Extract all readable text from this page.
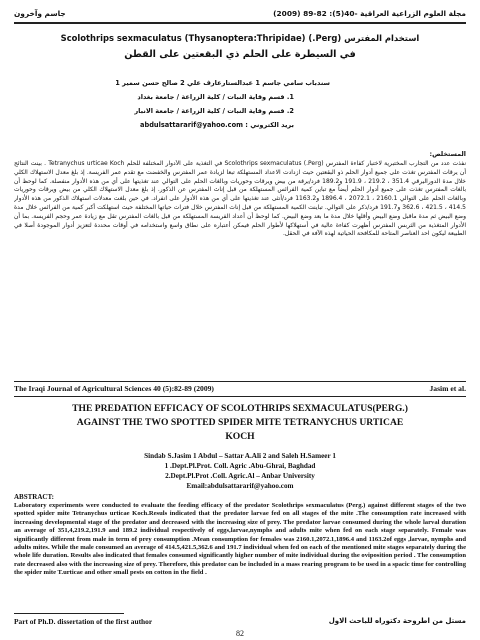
مجلة العلوم الزراعية العراقية -40(5): 82-89 (2009)
جاسم وآخرون
استخدام المفترس (Perg.) Scolothrips sexmaculatus (Thysanoptera:Thripidae)
في السيطرة على الحلم ذي البقعتين على القطن
سندباب سامي جاسم 1 عبدالستارعارف علي 2 صالح حسن سمير 1
1. قسم وقاية النبات / كلية الزراعة / جامعة بغداد
2. قسم وقاية النبات / كلية الزراعة / جامعة الانبار
بريد الكتروني : abdulsattararif@yahoo.com
المستخلص:
نفذت عدد من التجارب المختبرية لاختبار كفاءة المفترس (Perg.) Scolothrips sexmaculatus في التغذية على الأدوار المختلفة للحلم Tetranychus urticae Koch . بينت النتائج أن يرقات المفترس تغذت على جميع أدوار الحلم ذو البقعتين حيث ازدادت الاعداد المستهلكة تبعا لزيادة عمر المفترس والخفضت مع تقدم عمر الفريسة. إذ بلغ معدل الاستهلاك الكلي خلال مدة الدوراليرقي 351.4 ، 219.2 ، 191.9 و189.2 فرد/يرقة من بيض ويرقات وحوريات وبالغات الحلم على التوالي عند تغذيتها على أي من هذه الأدوار منفصلة. كما لوحظ أن بالغات المفترس تغذت على جميع أدوار الحلم أيضاً مع تباين كمية الفرائس المستهلكة من قبل إناث المفترس عن الذكور. إذ بلغ معدل الاستهلاك الكلي من بيض ويرقات وحوريات وبالغات الحلم على التوالي 2160.1 ، 2072.1 ، 1896.4 و1163.2 فرد/أنثى عند تغذيتها على أي من هذه الأدوار على انفراد. في حين بلغت معدلات استهلاك الذكور من هذه الأدوار 414.5 ، 421.5 ، 362.6 و191.7 فرد/ذكر على التوالي. تباينت الكمية المستهلكة من قبل إناث المفترس خلال فترات حياتها المختلفة حيث استهلكت أكبر كمية من الفرائس خلال مدة وضع البيض ثم مدة ماقبل وضع البيض وأقلها خلال مدة ما بعد وضع البيض. كما لوحظ أن أعداد الفريسة المستهلكة من قبل بالغات المفترس تقل مع زيادة عمر وحجم الفريسة. بما أن الأدوار المتغذية من الثربس المفترس أظهرت كفاءة عالية في أستهلاكها لأطوار الحلم فيمكن أعتباره على نطاق واسع واستخدامه في أوقات محددة لتعزيز أدوار الموجودة أصلا في الطبيعة ليكون احد العناصر المتاحة للمكافحة الحياتية لهذه الآفة في الحقل.
The Iraqi Journal of Agricultural Sciences 40 (5):82-89 (2009)	Jasim et al.
THE PREDATION EFFICACY OF SCOLOTHRIPS SEXMACULATUS(PERG.)
AGAINST THE TWO SPOTTED SPIDER MITE TETRANYCHUS URTICAE
KOCH
Sindab S.Jasim 1 Abdul – Sattar A.Ali 2 and Saleh H.Sameer 1
1 .Dept.Pl.Prot. Coll. Agric .Abu-Ghrai, Baghdad
2.Dept.Pl.Prot .Coll. Agric.Al – Anbar University
Email:abdulsattararif@yahoo.com
ABSTRACT:
Laboratory experiments were conducted to evaluate the feeding efficacy of the predator Scolothrips sexmaculatus (Perg.) against different stages of the two spotted spider mite Tetranychus urticae Koch.Resuls indicated that the predator larvae fed on all stages of the mite .The consumption rate increased with increasing developmental stage of the predator and decreased with the increasing size of prey. The predator larvae consumed during the whole larval duration an average of 351,4,219.2,191.9 and 189.2 individual respectively of eggs,larvae,nymphs and adults mite when fed on each stage separately. Female was significantly different from male in term of prey consumption .Mean consumption for females was 2160.1,2072.1,1896.4 and 1163.2of eggs ,larvae, nymphs and adults mites. While the male consumed an average of 414.5,421.5,362.6 and 191.7 individual when fed on each of the mentioned mite stages separately during the whole life duration. Results also indicated that females consumed significantly higher number of mite individual during the oviposition period . The consumption rate decreased also with the increasing size of prey. Therefore, this predator can be included in a mass rearing program to be used in a spacic time for controlling the spider mite T.urticae and other small pests on cotton in the field .
Part of Ph.D. dissertation of the first author	مستل من اطروحة دكتوراه للباحث الاول
82
